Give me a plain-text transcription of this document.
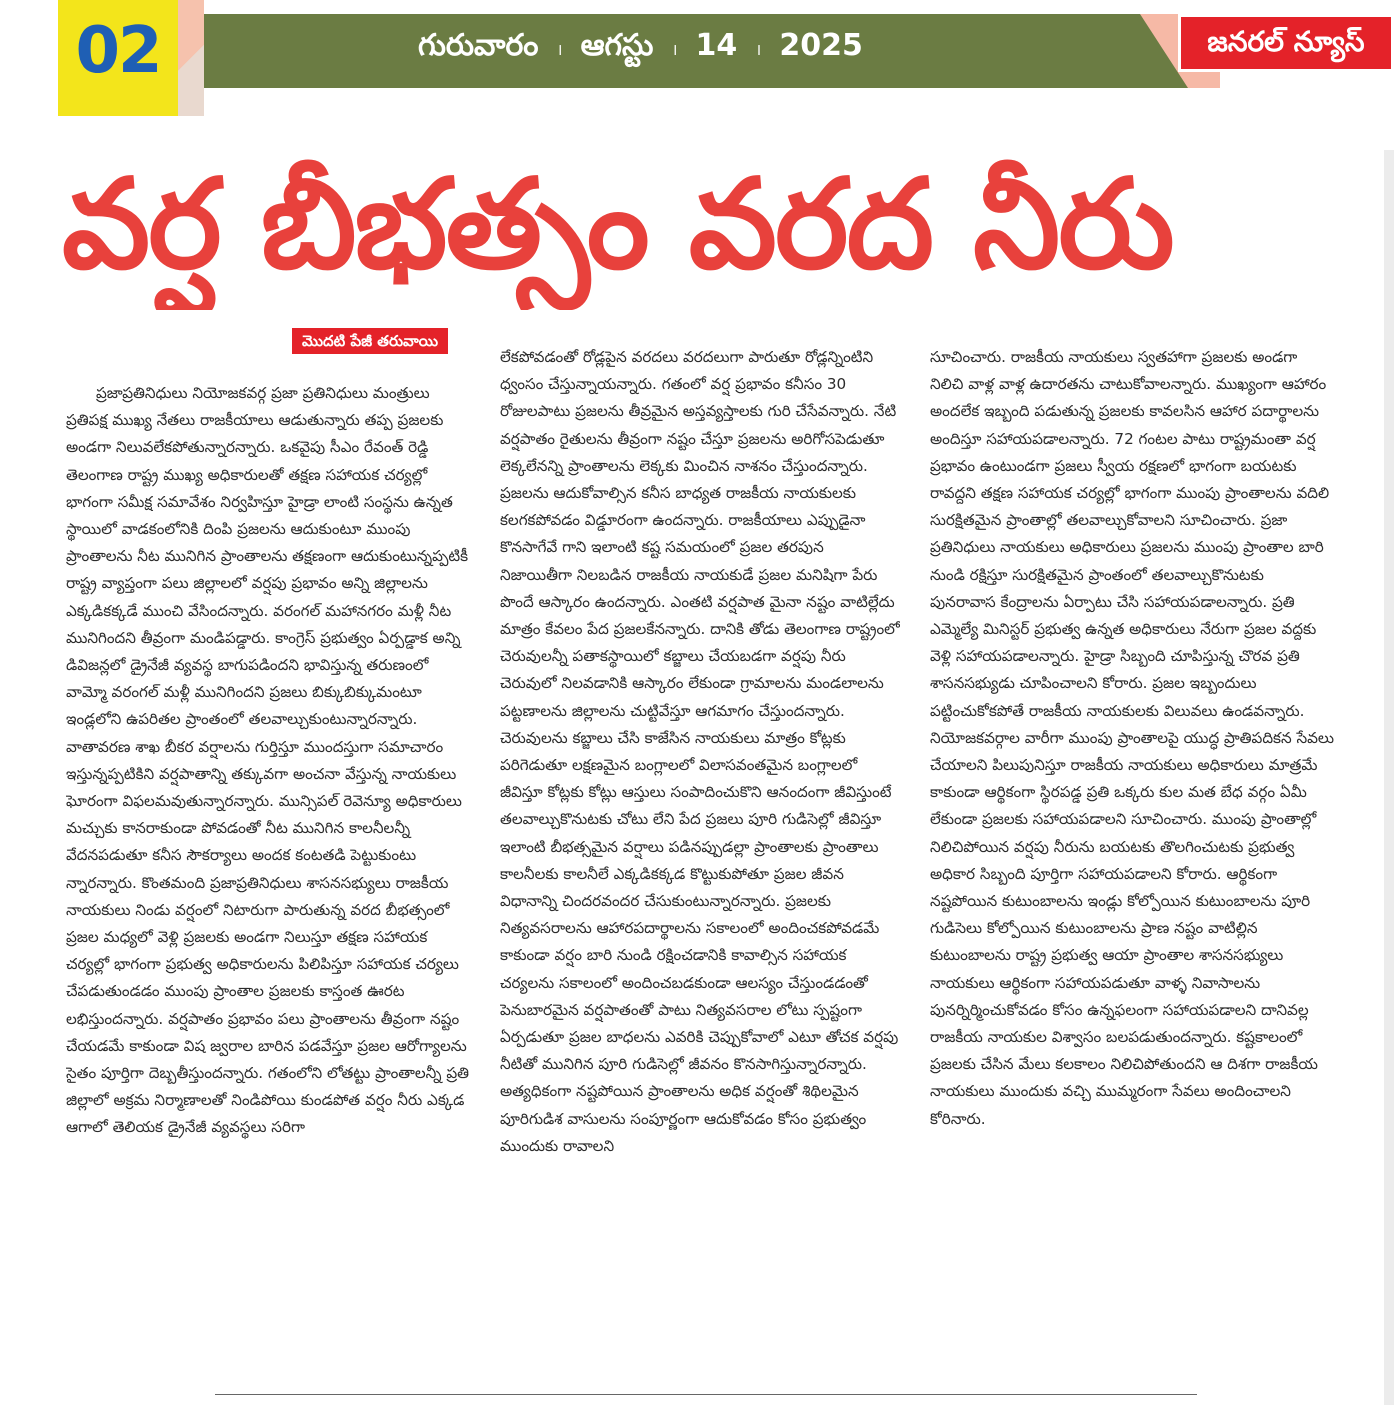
02	గురువారం । ఆగస్టు । 14 । 2025	జనరల్ న్యూస్
వర్ష బీభత్సం వరద నీరు
మొదటి పేజీ తరువాయి
ప్రజాప్రతినిధులు నియోజకవర్గ ప్రజా ప్రతినిధులు మంత్రులు ప్రతిపక్ష ముఖ్య నేతలు రాజకీయాలు ఆడుతున్నారు తప్ప ప్రజలకు అండగా నిలువలేకపోతున్నారన్నారు. ఒకవైపు సీఎం రేవంత్ రెడ్డి తెలంగాణ రాష్ట్ర ముఖ్య అధికారులతో తక్షణ సహాయక చర్యల్లో భాగంగా సమీక్ష సమావేశం నిర్వహిస్తూ హైడ్రా లాంటి సంస్థను ఉన్నత స్థాయిలో వాడకంలోనికి దింపి ప్రజలను ఆదుకుంటూ ముంపు ప్రాంతాలను నీట మునిగిన ప్రాంతాలను తక్షణంగా ఆదుకుంటున్నప్పటికీ రాష్ట్ర వ్యాప్తంగా పలు జిల్లాలలో వర్షపు ప్రభావం అన్ని జిల్లాలను ఎక్కడికక్కడే ముంచి వేసిందన్నారు. వరంగల్ మహానగరం మళ్లీ నీట మునిగిందని తీవ్రంగా మండిపడ్డారు. కాంగ్రెస్ ప్రభుత్వం ఏర్పడ్డాక అన్ని డివిజన్లలో డ్రైనేజీ వ్యవస్థ బాగుపడిందని భావిస్తున్న తరుణంలో వామ్మో వరంగల్ మళ్లీ మునిగిందని ప్రజలు బిక్కుబిక్కుమంటూ ఇండ్లలోని ఉపరితల ప్రాంతంలో తలవాల్చుకుంటున్నారన్నారు. వాతావరణ శాఖ బీకర వర్షాలను గుర్తిస్తూ ముందస్తుగా సమాచారం ఇస్తున్నప్పటికిని వర్షపాతాన్ని తక్కువగా అంచనా వేస్తున్న నాయకులు ఘోరంగా విఫలమవుతున్నారన్నారు. మున్సిపల్ రెవెన్యూ అధికారులు మచ్చుకు కానరాకుండా పోవడంతో నీట మునిగిన కాలనీలన్నీ వేదనపడుతూ కనీస సౌకర్యాలు అందక కంటతడి పెట్టుకుంటు న్నారన్నారు. కొంతమంది ప్రజాప్రతినిధులు శాసనసభ్యులు రాజకీయ నాయకులు నిండు వర్షంలో నిటారుగా పారుతున్న వరద బీభత్సంలో ప్రజల మధ్యలో వెళ్లి ప్రజలకు అండగా నిలుస్తూ తక్షణ సహాయక చర్యల్లో భాగంగా ప్రభుత్వ అధికారులను పిలిపిస్తూ సహాయక చర్యలు చేపడుతుండడం ముంపు ప్రాంతాల ప్రజలకు కాస్తంత ఊరట లభిస్తుందన్నారు. వర్షపాతం ప్రభావం పలు ప్రాంతాలను తీవ్రంగా నష్టం చేయడమే కాకుండా విష జ్వరాల బారిన పడవేస్తూ ప్రజల ఆరోగ్యాలను సైతం పూర్తిగా దెబ్బతీస్తుందన్నారు. గతంలోని లోతట్టు ప్రాంతాలన్నీ ప్రతి జిల్లాలో అక్రమ నిర్మాణాలతో నిండిపోయి కుండపోత వర్షం నీరు ఎక్కడ ఆగాలో తెలియక డ్రైనేజీ వ్యవస్థలు సరిగా
లేకపోవడంతో రోడ్లపైన వరదలు వరదలుగా పారుతూ రోడ్లన్నింటిని ధ్వంసం చేస్తున్నాయన్నారు. గతంలో వర్ష ప్రభావం కనీసం 30 రోజులపాటు ప్రజలను తీవ్రమైన అస్తవ్యస్తాలకు గురి చేసేవన్నారు. నేటి వర్షపాతం రైతులను తీవ్రంగా నష్టం చేస్తూ ప్రజలను అరిగోసపెడుతూ లెక్కలేనన్ని ప్రాంతాలను లెక్కకు మించిన నాశనం చేస్తుందన్నారు. ప్రజలను ఆదుకోవాల్సిన కనీస బాధ్యత రాజకీయ నాయకులకు కలగకపోవడం విడ్డూరంగా ఉందన్నారు. రాజకీయాలు ఎప్పుడైనా కొనసాగేవే గాని ఇలాంటి కష్ట సమయంలో ప్రజల తరపున నిజాయితీగా నిలబడిన రాజకీయ నాయకుడే ప్రజల మనిషిగా పేరు పొందే ఆస్కారం ఉందన్నారు. ఎంతటి వర్షపాత మైనా నష్టం వాటిల్లేదు మాత్రం కేవలం పేద ప్రజలకేనన్నారు. దానికి తోడు తెలంగాణ రాష్ట్రంలో చెరువులన్నీ పతాకస్థాయిలో కబ్జాలు చేయబడగా వర్షపు నీరు చెరువులో నిలవడానికి ఆస్కారం లేకుండా గ్రామాలను మండలాలను పట్టణాలను జిల్లాలను చుట్టివేస్తూ ఆగమాగం చేస్తుందన్నారు. చెరువులను కబ్జాలు చేసి కాజేసిన నాయకులు మాత్రం కోట్లకు పరిగెడుతూ లక్షణమైన బంగ్లాలలో విలాసవంతమైన బంగ్లాలలో జీవిస్తూ కోట్లకు కోట్లు ఆస్తులు సంపాదించుకొని ఆనందంగా జీవిస్తుంటే తలవాల్చుకొనుటకు చోటు లేని పేద ప్రజలు పూరి గుడిసెల్లో జీవిస్తూ ఇలాంటి బీభత్సమైన వర్షాలు పడినప్పుడల్లా ప్రాంతాలకు ప్రాంతాలు కాలనీలకు కాలనీలే ఎక్కడికక్కడ కొట్టుకుపోతూ ప్రజల జీవన విధానాన్ని చిందరవందర చేసుకుంటున్నారన్నారు. ప్రజలకు నిత్యవసరాలను ఆహారపదార్థాలను సకాలంలో అందించకపోవడమే కాకుండా వర్షం బారి నుండి రక్షించడానికి కావాల్సిన సహాయక చర్యలను సకాలంలో అందించబడకుండా ఆలస్యం చేస్తుండడంతో పెనుబారమైన వర్షపాతంతో పాటు నిత్యవసరాల లోటు స్పష్టంగా ఏర్పడుతూ ప్రజల బాధలను ఎవరికి చెప్పుకోవాలో ఎటూ తోచక వర్షపు నీటితో మునిగిన పూరి గుడిసెల్లో జీవనం కొనసాగిస్తున్నారన్నారు. అత్యధికంగా నష్టపోయిన ప్రాంతాలను అధిక వర్షంతో శిథిలమైన పూరిగుడిశ వాసులను సంపూర్ణంగా ఆదుకోవడం కోసం ప్రభుత్వం ముందుకు రావాలని
సూచించారు. రాజకీయ నాయకులు స్వతహాగా ప్రజలకు అండగా నిలిచి వాళ్ల వాళ్ల ఉదారతను చాటుకోవాలన్నారు. ముఖ్యంగా ఆహారం అందలేక ఇబ్బంది పడుతున్న ప్రజలకు కావలసిన ఆహార పదార్థాలను అందిస్తూ సహాయపడాలన్నారు. 72 గంటల పాటు రాష్ట్రమంతా వర్ష ప్రభావం ఉంటుండగా ప్రజలు స్వీయ రక్షణలో భాగంగా బయటకు రావద్దని తక్షణ సహాయక చర్యల్లో భాగంగా ముంపు ప్రాంతాలను వదిలి సురక్షితమైన ప్రాంతాల్లో తలవాల్చుకోవాలని సూచించారు. ప్రజా ప్రతినిధులు నాయకులు అధికారులు ప్రజలను ముంపు ప్రాంతాల బారి నుండి రక్షిస్తూ సురక్షితమైన ప్రాంతంలో తలవాల్చుకొనుటకు పునరావాస కేంద్రాలను ఏర్పాటు చేసి సహాయపడాలన్నారు. ప్రతి ఎమ్మెల్యే మినిస్టర్ ప్రభుత్వ ఉన్నత అధికారులు నేరుగా ప్రజల వద్దకు వెళ్లి సహాయపడాలన్నారు. హైడ్రా సిబ్బంది చూపిస్తున్న చొరవ ప్రతి శాసనసభ్యుడు చూపించాలని కోరారు. ప్రజల ఇబ్బందులు పట్టించుకోకపోతే రాజకీయ నాయకులకు విలువలు ఉండవన్నారు. నియోజకవర్గాల వారీగా ముంపు ప్రాంతాలపై యుద్ధ ప్రాతిపదికన సేవలు చేయాలని పిలుపునిస్తూ రాజకీయ నాయకులు అధికారులు మాత్రమే కాకుండా ఆర్థికంగా స్థిరపడ్డ ప్రతి ఒక్కరు కుల మత బేధ వర్గం ఏమీ లేకుండా ప్రజలకు సహాయపడాలని సూచించారు. ముంపు ప్రాంతాల్లో నిలిచిపోయిన వర్షపు నీరును బయటకు తొలగించుటకు ప్రభుత్వ అధికార సిబ్బంది పూర్తిగా సహాయపడాలని కోరారు. ఆర్థికంగా నష్టపోయిన కుటుంబాలను ఇండ్లు కోల్పోయిన కుటుంబాలను పూరి గుడిసెలు కోల్పోయిన కుటుంబాలను ప్రాణ నష్టం వాటిల్లిన కుటుంబాలను రాష్ట్ర ప్రభుత్వ ఆయా ప్రాంతాల శాసనసభ్యులు నాయకులు ఆర్థికంగా సహాయపడుతూ వాళ్ళ నివాసాలను పునర్నిర్మించుకోవడం కోసం ఉన్నఫలంగా సహాయపడాలని దానివల్ల రాజకీయ నాయకుల విశ్వాసం బలపడుతుందన్నారు. కష్టకాలంలో ప్రజలకు చేసిన మేలు కలకాలం నిలిచిపోతుందని ఆ దిశగా రాజకీయ నాయకులు ముందుకు వచ్చి ముమ్మరంగా సేవలు అందించాలని కోరినారు.
